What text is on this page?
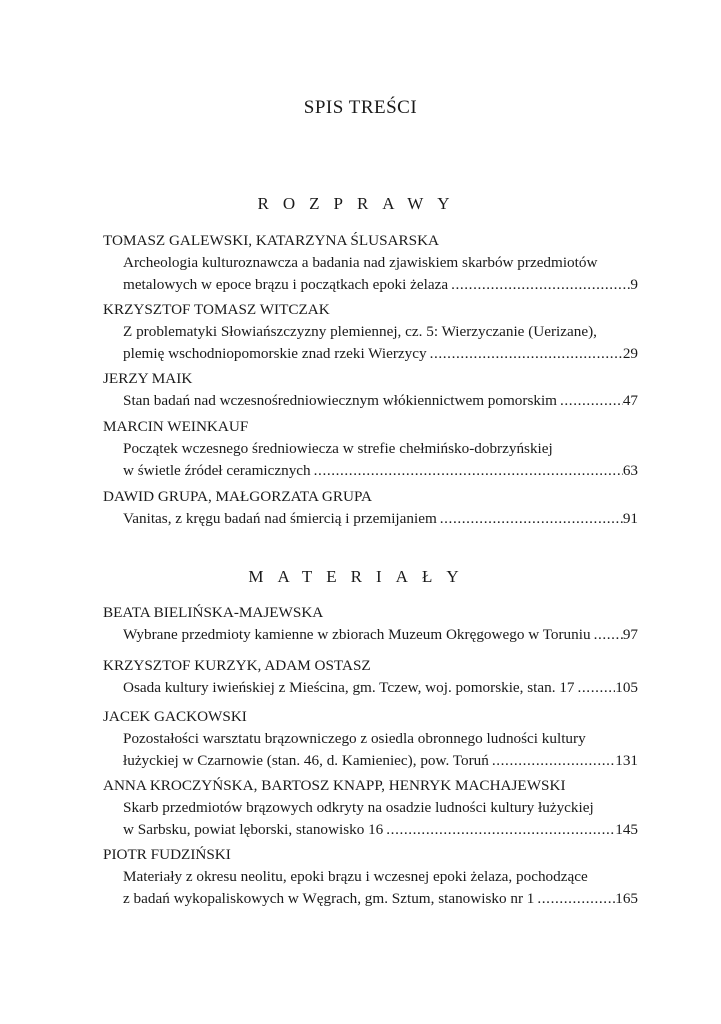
SPIS TREŚCI
ROZPRAWY
TOMASZ GALEWSKI, KATARZYNA ŚLUSARSKA
Archeologia kulturoznawcza a badania nad zjawiskiem skarbów przedmiotów
metalowych w epoce brązu i początkach epoki żelaza . . .	9
KRZYSZTOF TOMASZ WITCZAK
Z problematyki Słowiańszczyzny plemiennej, cz. 5: Wierzyczanie (Uerizane),
plemię wschodniopomorskie znad rzeki Wierzycy . . .	29
JERZY MAIK
Stan badań nad wczesnośredniowiecznym włókiennictwem pomorskim . . .	47
MARCIN WEINKAUF
Początek wczesnego średniowiecza w strefie chełmińsko-dobrzyńskiej
w świetle źródeł ceramicznych . . .	63
DAWID GRUPA, MAŁGORZATA GRUPA
Vanitas, z kręgu badań nad śmiercią i przemijaniem . . .	91
MATERIAŁY
BEATA BIELIŃSKA-MAJEWSKA
Wybrane przedmioty kamienne w zbiorach Muzeum Okręgowego w Toruniu . . . 97
KRZYSZTOF KURZYK, ADAM OSTASZ
Osada kultury iwieńskiej z Mieścina, gm. Tczew, woj. pomorskie, stan. 17 . . .	105
JACEK GACKOWSKI
Pozostałości warsztatu brązowniczego z osiedla obronnego ludności kultury
łużyckiej w Czarnowie (stan. 46, d. Kamieniec), pow. Toruń . . .	131
ANNA KROCZYŃSKA, BARTOSZ KNAPP, HENRYK MACHAJEWSKI
Skarb przedmiotów brązowych odkryty na osadzie ludności kultury łużyckiej
w Sarbsku, powiat lęborski, stanowisko 16 . . .	145
PIOTR FUDZIŃSKI
Materiały z okresu neolitu, epoki brązu i wczesnej epoki żelaza, pochodzące
z badań wykopaliskowych w Węgrach, gm. Sztum, stanowisko nr 1 . . .	165
